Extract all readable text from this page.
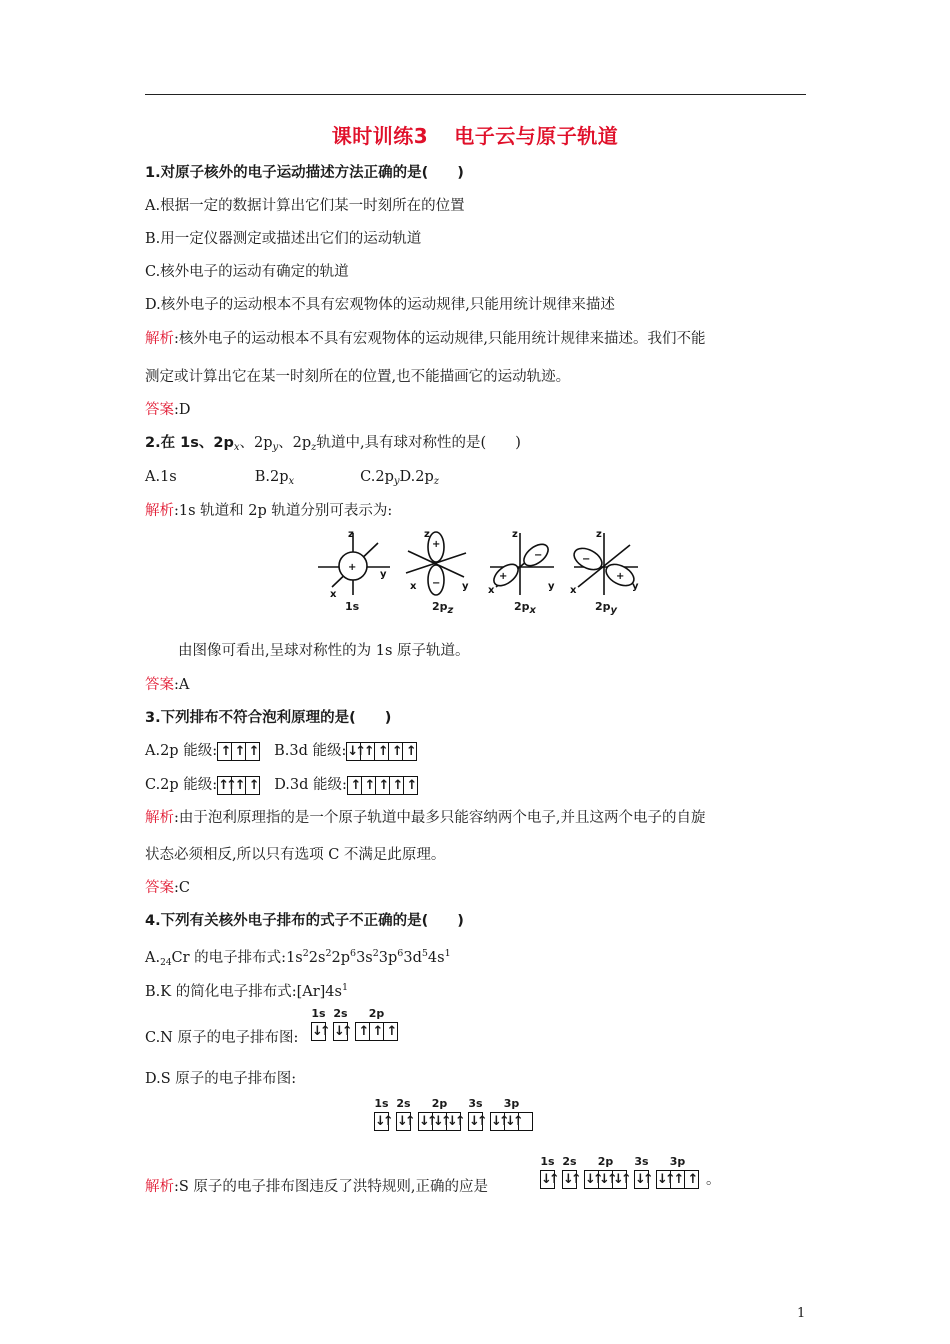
课时训练3 电子云与原子轨道
1.对原子核外的电子运动描述方法正确的是(　　)
A.根据一定的数据计算出它们某一时刻所在的位置
B.用一定仪器测定或描述出它们的运动轨道
C.核外电子的运动有确定的轨道
D.核外电子的运动根本不具有宏观物体的运动规律,只能用统计规律来描述
解析:核外电子的运动根本不具有宏观物体的运动规律,只能用统计规律来描述。我们不能
测定或计算出它在某一时刻所在的位置,也不能描画它的运动轨迹。
答案:D
2.在 1s、$2p_x$、$2p_y$、$2p_z$轨道中,具有球对称性的是(　　)
A.1s	$B.2p_x$	$C.2p_yD.2p_z$
解析:1s 轨道和 2p 轨道分别可表示为:
+
z
x
y
+
−
z
x	y
+
−
z
x	y
−
+
z
x	y
1s	2pz	2px	2py
由图像可看出,呈球对称性的为 1s 原子轨道。
答案:A
3.下列排布不符合泡利原理的是(　　)
A.2p 能级: ↑ ↑ ↑ B.3d 能级: ↓↑ ↑ ↑ ↑ ↑
C.2p 能级: ↑↑ ↑ ↑ D.3d 能级: ↑ ↑ ↑ ↑ ↑
解析:由于泡利原理指的是一个原子轨道中最多只能容纳两个电子,并且这两个电子的自旋
状态必须相反,所以只有选项 C 不满足此原理。
答案:C
4.下列有关核外电子排布的式子不正确的是(　　)
$A._{24}Cr$ 的电子排布式$:1s^22s^22p^63s^23p^63d^54s^1$
B.K 的简化电子排布式$:[Ar]4s^1$
1s
↓↑
2s
↓↑
2p
↑ ↑ ↑
C.N 原子的电子排布图:
D.S 原子的电子排布图:
1s
↓↑
2s
↓↑
2p
↓↑
↓↑
↓↑
3s
↓↑
3p
↓↑
↓↑
解析:S 原子的电子排布图违反了洪特规则,正确的应是
1s
↓↑
2s
↓↑
2p
↓↑
↓↑
↓↑
3s
↓↑
3p
↓↑ ↑ ↑ 。
1
